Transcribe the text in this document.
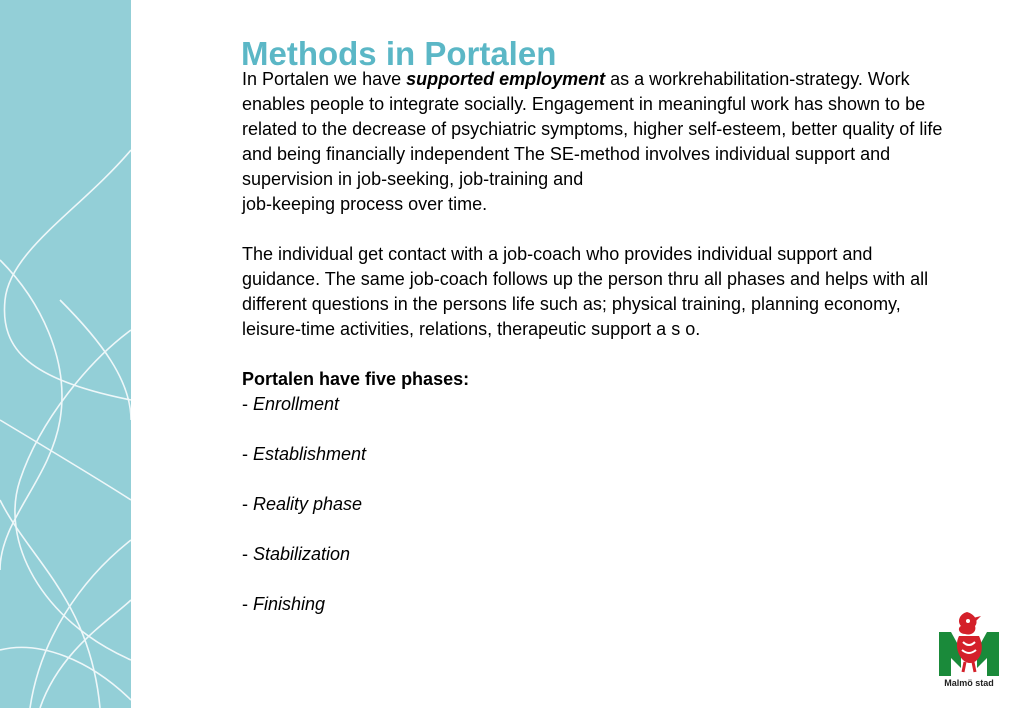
Methods in Portalen

In Portalen we have supported employment as a workrehabilitation-strategy. Work enables people to integrate socially. Engagement in meaningful work has shown to be related to the decrease of psychiatric symptoms, higher self-esteem, better quality of life and being financially independent The SE-method involves individual support and supervision in job-seeking, job-training and

job-keeping process over time.

The individual get contact with a job-coach who provides individual support and guidance. The same job-coach follows up the person thru all phases and helps with all different questions in the persons life such as; physical training, planning economy, leisure-time activities, relations, therapeutic support a s o.

Portalen have five phases:

- Enrollment

- Establishment

- Reality phase

- Stabilization

- Finishing

Malmö stad
